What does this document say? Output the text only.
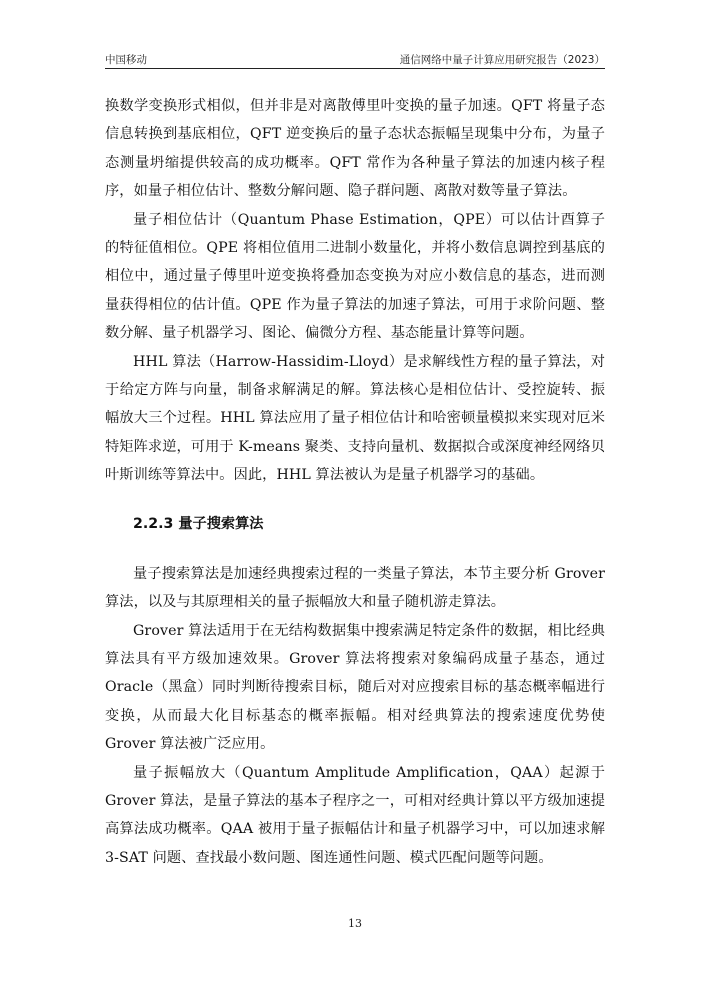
中国移动	通信网络中量子计算应用研究报告（2023）

换数学变换形式相似，但并非是对离散傅里叶变换的量子加速。QFT 将量子态信息转换到基底相位，QFT 逆变换后的量子态状态振幅呈现集中分布，为量子态测量坍缩提供较高的成功概率。QFT 常作为各种量子算法的加速内核子程序，如量子相位估计、整数分解问题、隐子群问题、离散对数等量子算法。

量子相位估计（Quantum Phase Estimation，QPE）可以估计酉算子的特征值相位。QPE 将相位值用二进制小数量化，并将小数信息调控到基底的相位中，通过量子傅里叶逆变换将叠加态变换为对应小数信息的基态，进而测量获得相位的估计值。QPE 作为量子算法的加速子算法，可用于求阶问题、整数分解、量子机器学习、图论、偏微分方程、基态能量计算等问题。

HHL 算法（Harrow-Hassidim-Lloyd）是求解线性方程的量子算法，对于给定方阵与向量，制备求解满足的解。算法核心是相位估计、受控旋转、振幅放大三个过程。HHL 算法应用了量子相位估计和哈密顿量模拟来实现对厄米特矩阵求逆，可用于 K-means 聚类、支持向量机、数据拟合或深度神经网络贝叶斯训练等算法中。因此，HHL 算法被认为是量子机器学习的基础。

2.2.3 量子搜索算法

量子搜索算法是加速经典搜索过程的一类量子算法，本节主要分析 Grover 算法，以及与其原理相关的量子振幅放大和量子随机游走算法。

Grover 算法适用于在无结构数据集中搜索满足特定条件的数据，相比经典算法具有平方级加速效果。Grover 算法将搜索对象编码成量子基态，通过 Oracle（黑盒）同时判断待搜索目标，随后对对应搜索目标的基态概率幅进行变换，从而最大化目标基态的概率振幅。相对经典算法的搜索速度优势使 Grover 算法被广泛应用。

量子振幅放大（Quantum Amplitude Amplification，QAA）起源于 Grover 算法，是量子算法的基本子程序之一，可相对经典计算以平方级加速提高算法成功概率。QAA 被用于量子振幅估计和量子机器学习中，可以加速求解 3-SAT 问题、查找最小数问题、图连通性问题、模式匹配问题等问题。

13
